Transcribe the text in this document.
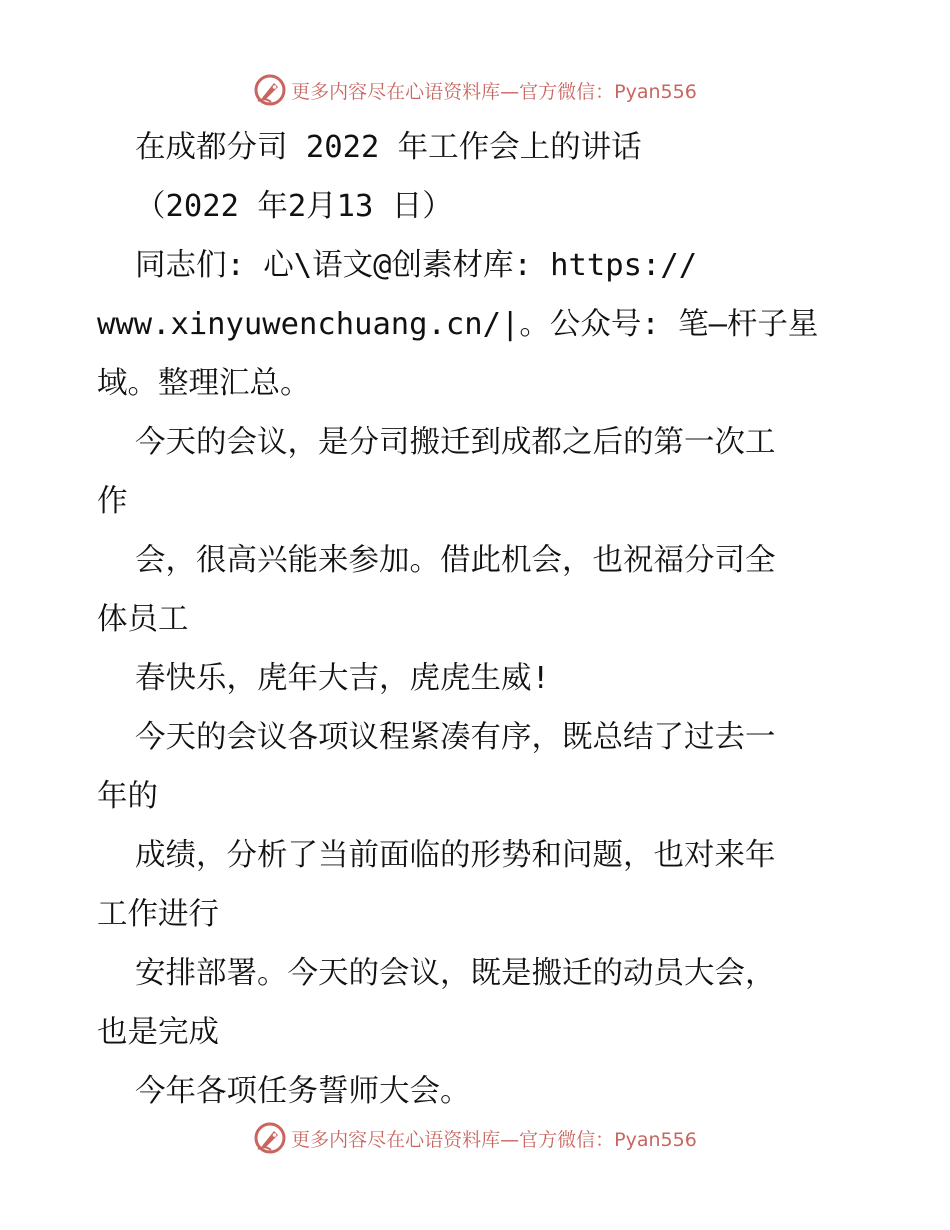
更多内容尽在心语资料库—官方微信：Pyan556

在成都分司 2022 年工作会上的讲话

（2022 年2月13 日）

同志们: 心\语文@创素材库: https://

www.xinyuwenchuang.cn/|。公众号: 笔—杆子星

域。整理汇总。

今天的会议，是分司搬迁到成都之后的第一次工

作

会，很高兴能来参加。借此机会，也祝福分司全

体员工

春快乐，虎年大吉，虎虎生威!

今天的会议各项议程紧凑有序，既总结了过去一

年的

成绩，分析了当前面临的形势和问题，也对来年

工作进行

安排部署。今天的会议，既是搬迁的动员大会，

也是完成

今年各项任务誓师大会。

更多内容尽在心语资料库—官方微信：Pyan556
